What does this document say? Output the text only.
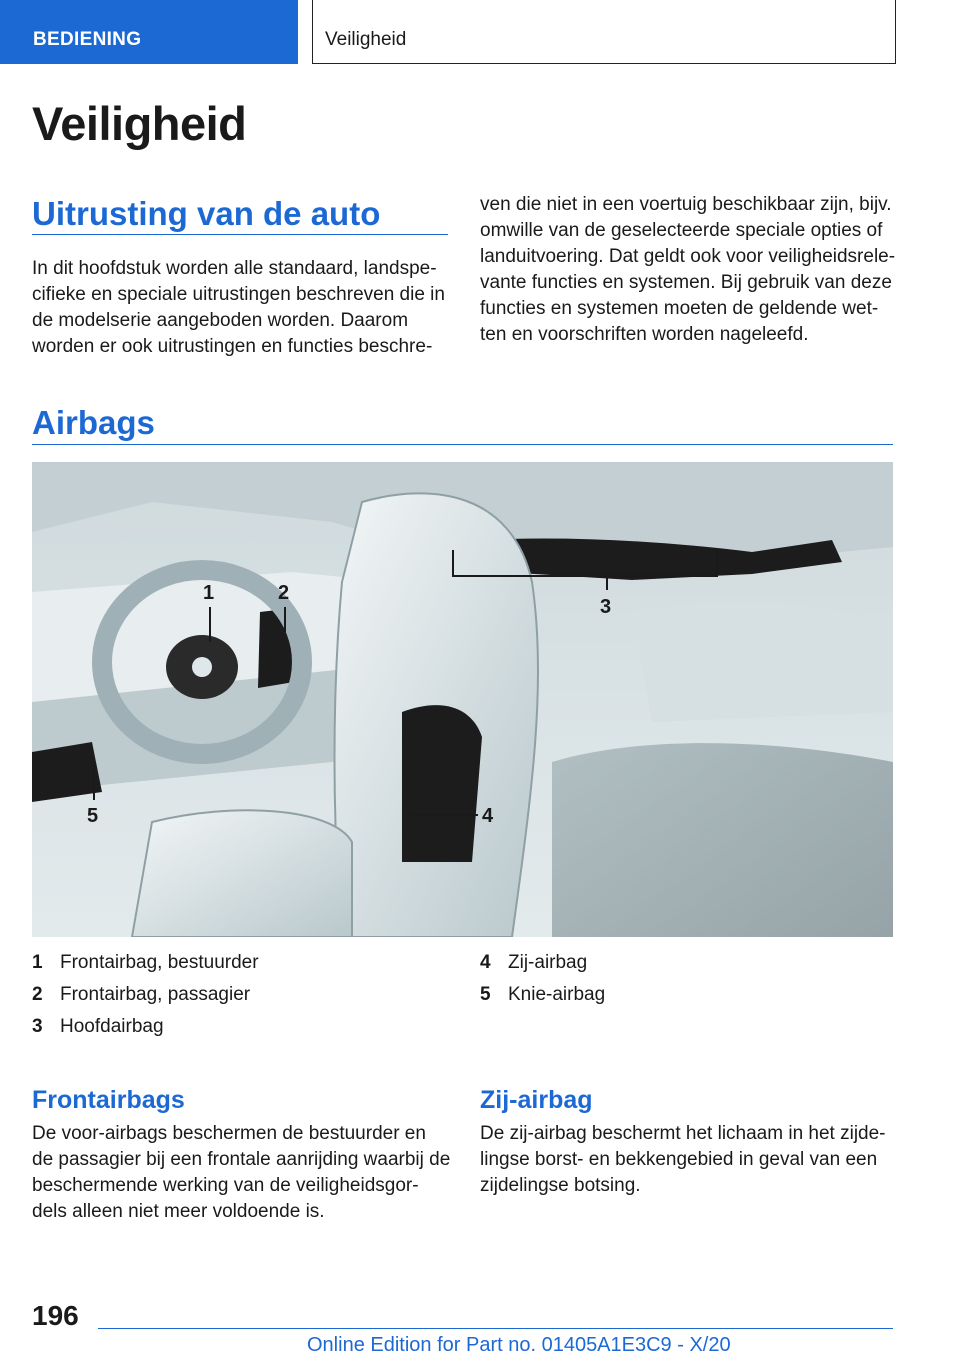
BEDIENING	Veiligheid
Veiligheid
Uitrusting van de auto
In dit hoofdstuk worden alle standaard, landspe-
cifieke en speciale uitrustingen beschreven die in
de modelserie aangeboden worden. Daarom
worden er ook uitrustingen en functies beschre-
ven die niet in een voertuig beschikbaar zijn, bijv.
omwille van de geselecteerde speciale opties of
landuitvoering. Dat geldt ook voor veiligheidsrele-
vante functies en systemen. Bij gebruik van deze
functies en systemen moeten de geldende wet-
ten en voorschriften worden nageleefd.
Airbags
1	2
3
4
5
1 Frontairbag, bestuurder
2 Frontairbag, passagier
3 Hoofdairbag
4 Zij-airbag
5 Knie-airbag
Frontairbags
De voor-airbags beschermen de bestuurder en
de passagier bij een frontale aanrijding waarbij de
beschermende werking van de veiligheidsgor-
dels alleen niet meer voldoende is.
Zij-airbag
De zij-airbag beschermt het lichaam in het zijde-
lingse borst- en bekkengebied in geval van een
zijdelingse botsing.
196
Online Edition for Part no. 01405A1E3C9 - X/20
